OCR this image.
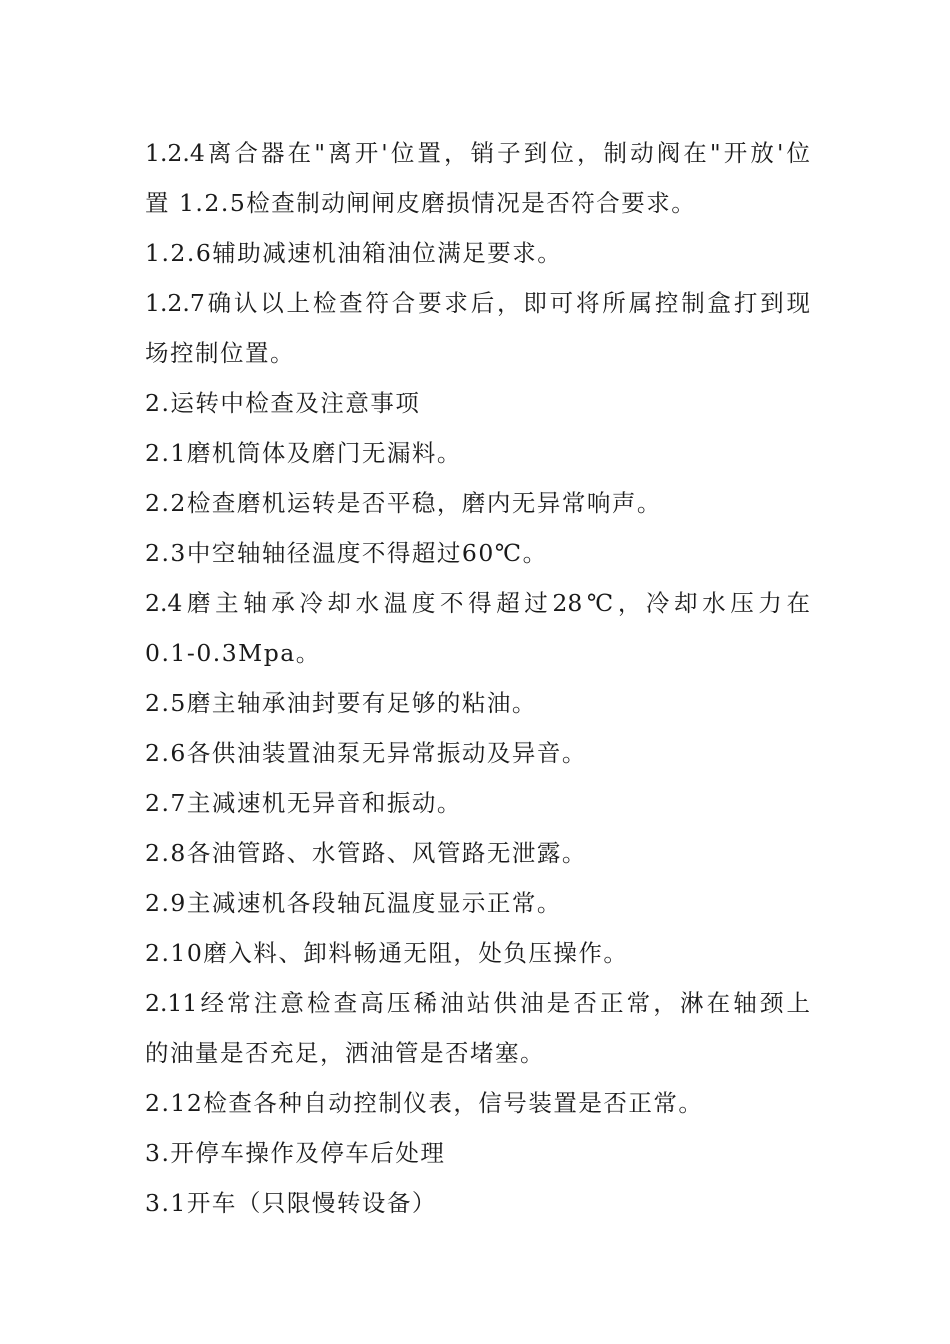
1.2.4离合器在"离开'位置，销子到位，制动阀在"开放'位
置 1.2.5检查制动闸闸皮磨损情况是否符合要求。
1.2.6辅助减速机油箱油位满足要求。
1.2.7确认以上检查符合要求后，即可将所属控制盒打到现
场控制位置。
2.运转中检查及注意事项
2.1磨机筒体及磨门无漏料。
2.2检查磨机运转是否平稳，磨内无异常响声。
2.3中空轴轴径温度不得超过60℃。
2.4磨主轴承冷却水温度不得超过28℃，冷却水压力在
0.1-0.3Mpa。
2.5磨主轴承油封要有足够的粘油。
2.6各供油装置油泵无异常振动及异音。
2.7主减速机无异音和振动。
2.8各油管路、水管路、风管路无泄露。
2.9主减速机各段轴瓦温度显示正常。
2.10磨入料、卸料畅通无阻，处负压操作。
2.11经常注意检查高压稀油站供油是否正常，淋在轴颈上
的油量是否充足，洒油管是否堵塞。
2.12检查各种自动控制仪表，信号装置是否正常。
3.开停车操作及停车后处理
3.1开车（只限慢转设备）
